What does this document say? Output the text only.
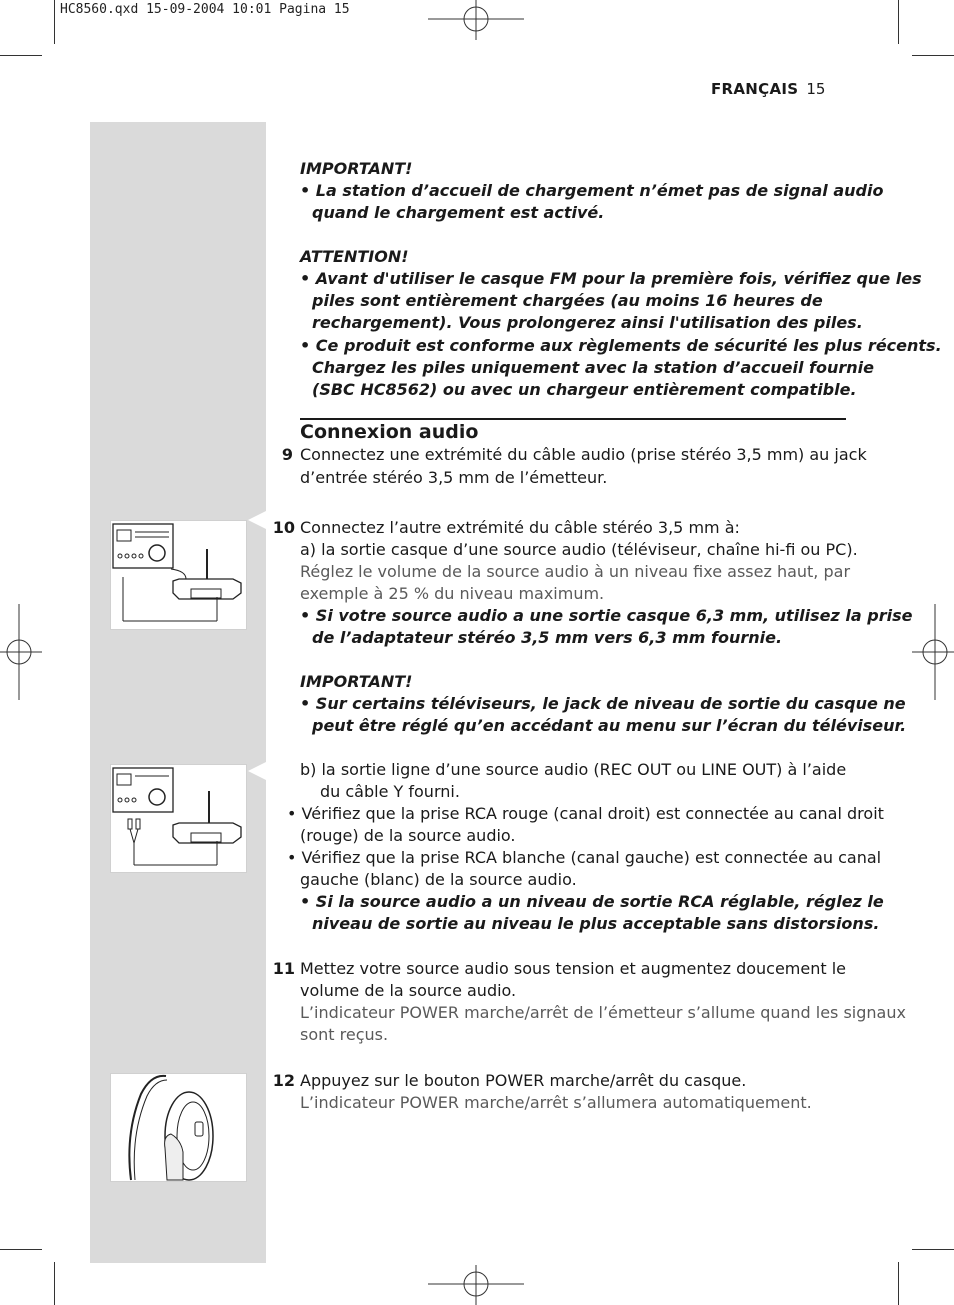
HC8560.qxd 15-09-2004 10:01 Pagina 15
FRANÇAIS 15
IMPORTANT!
• La station d’accueil de chargement n’émet pas de signal audio
quand le chargement est activé.
ATTENTION!
• Avant d'utiliser le casque FM pour la première fois, vérifiez que les
piles sont entièrement chargées (au moins 16 heures de
rechargement). Vous prolongerez ainsi l'utilisation des piles.
• Ce produit est conforme aux règlements de sécurité les plus récents.
Chargez les piles uniquement avec la station d’accueil fournie
(SBC HC8562) ou avec un chargeur entièrement compatible.
Connexion audio
9 Connectez une extrémité du câble audio (prise stéréo 3,5 mm) au jack
d’entrée stéréo 3,5 mm de l’émetteur.
10 Connectez l’autre extrémité du câble stéréo 3,5 mm à:
a) la sortie casque d’une source audio (téléviseur, chaîne hi-fi ou PC).
Réglez le volume de la source audio à un niveau fixe assez haut, par
exemple à 25 % du niveau maximum.
• Si votre source audio a une sortie casque 6,3 mm, utilisez la prise
de l’adaptateur stéréo 3,5 mm vers 6,3 mm fournie.
IMPORTANT!
• Sur certains téléviseurs, le jack de niveau de sortie du casque ne
peut être réglé qu’en accédant au menu sur l’écran du téléviseur.
b) la sortie ligne d’une source audio (REC OUT ou LINE OUT) à l’aide
du câble Y fourni.
• Vérifiez que la prise RCA rouge (canal droit) est connectée au canal droit
(rouge) de la source audio.
• Vérifiez que la prise RCA blanche (canal gauche) est connectée au canal
gauche (blanc) de la source audio.
• Si la source audio a un niveau de sortie RCA réglable, réglez le
niveau de sortie au niveau le plus acceptable sans distorsions.
11 Mettez votre source audio sous tension et augmentez doucement le
volume de la source audio.
L’indicateur POWER marche/arrêt de l’émetteur s’allume quand les signaux
sont reçus.
12 Appuyez sur le bouton POWER marche/arrêt du casque.
L’indicateur POWER marche/arrêt s’allumera automatiquement.
